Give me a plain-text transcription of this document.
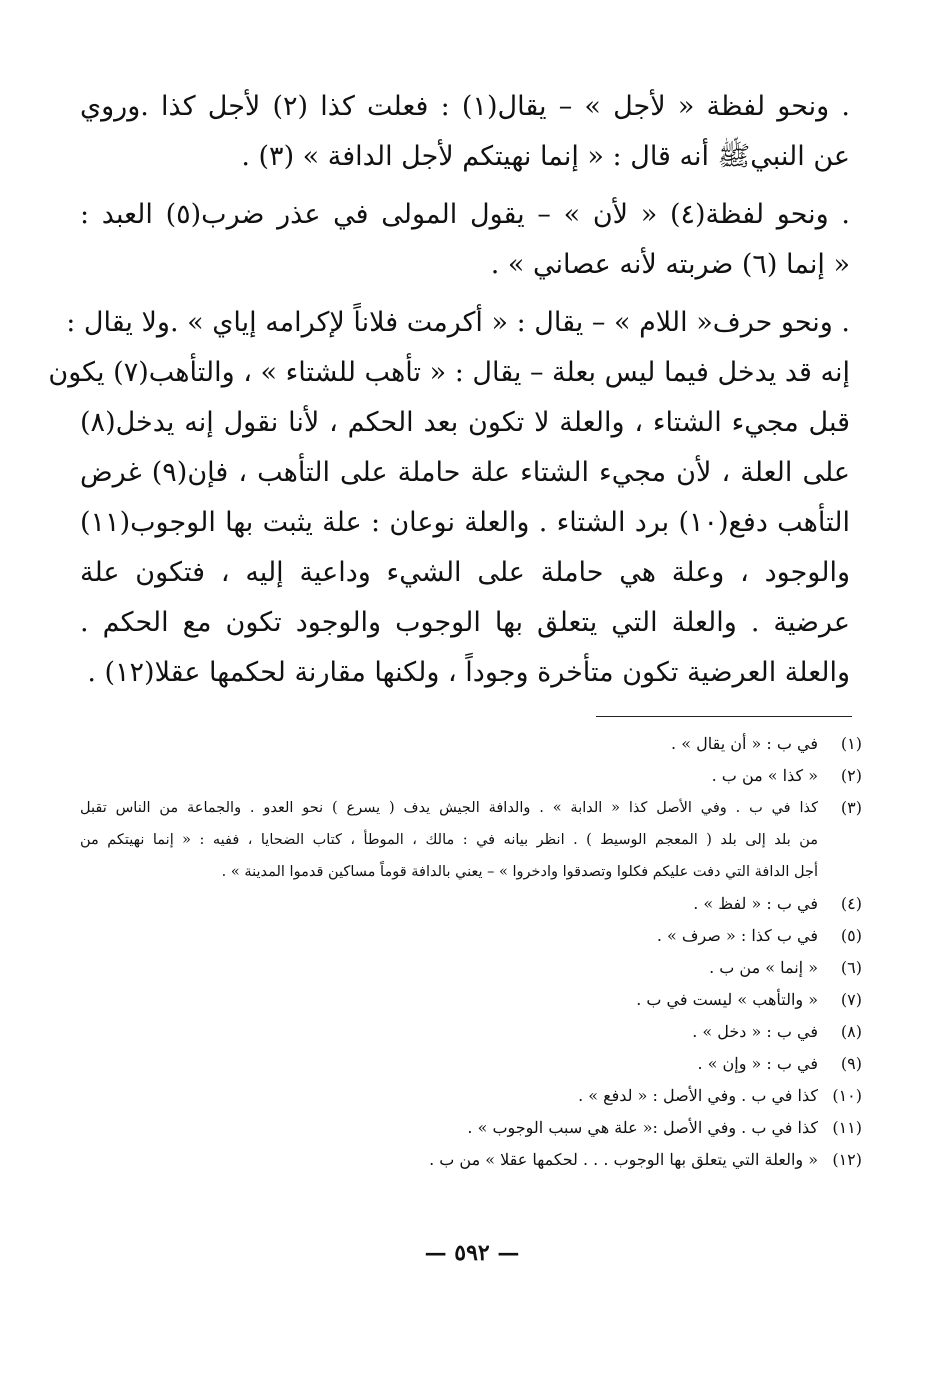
. ونحو لفظة « لأجل » – يقال(١) : فعلت كذا (٢) لأجل كذا .وروي
عن النبيﷺ أنه قال : « إنما نهيتكم لأجل الدافة » (٣) .
. ونحو لفظة(٤) « لأن » – يقول المولى في عذر ضرب(٥) العبد :
« إنما (٦) ضربته لأنه عصاني » .
. ونحو حرف« اللام » – يقال : « أكرمت فلاناً لإكرامه إياي » .ولا يقال :
إنه قد يدخل فيما ليس بعلة – يقال : « تأهب للشتاء » ، والتأهب(٧) يكون
قبل مجيء الشتاء ، والعلة لا تكون بعد الحكم ، لأنا نقول إنه يدخل(٨)
على العلة ، لأن مجيء الشتاء علة حاملة على التأهب ، فإن(٩) غرض
التأهب دفع(١٠) برد الشتاء . والعلة نوعان : علة يثبت بها الوجوب(١١)
والوجود ، وعلة هي حاملة على الشيء وداعية إليه ، فتكون علة
عرضية . والعلة التي يتعلق بها الوجوب والوجود تكون مع الحكم .
والعلة العرضية تكون متأخرة وجوداً ، ولكنها مقارنة لحكمها عقلا(١٢) .
(١)
في ب : « أن يقال » .
(٢)
« كذا » من ب .
(٣)
كذا في ب . وفي الأصل كذا « الدابة » . والدافة الجيش يدف ( يسرع ) نحو العدو . والجماعة من الناس تقبل
من بلد إلى بلد ( المعجم الوسيط ) . انظر بيانه في : مالك ، الموطأ ، كتاب الضحايا ، ففيه : « إنما نهيتكم من
أجل الدافة التي دفت عليكم فكلوا وتصدقوا وادخروا » – يعني بالدافة قوماً مساكين قدموا المدينة » .
(٤)
في ب : « لفظ » .
(٥)
في ب كذا : « صرف » .
(٦)
« إنما » من ب .
(٧)
« والتأهب » ليست في ب .
(٨)
في ب : « دخل » .
(٩)
في ب : « وإن » .
(١٠)
كذا في ب . وفي الأصل : « لدفع » .
(١١)
كذا في ب . وفي الأصل :« علة هي سبب الوجوب » .
(١٢)
« والعلة التي يتعلق بها الوجوب . . . لحكمها عقلا » من ب .
— ٥٩٢ —
